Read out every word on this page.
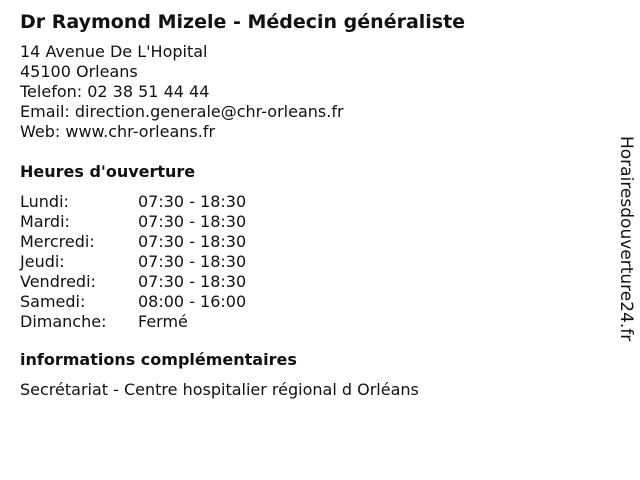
Dr Raymond Mizele - Médecin généraliste
14 Avenue De L'Hopital
45100 Orleans
Telefon: 02 38 51 44 44
Email: direction.generale@chr-orleans.fr
Web: www.chr-orleans.fr
Heures d'ouverture
Lundi:	07:30 - 18:30
Mardi:	07:30 - 18:30
Mercredi:	07:30 - 18:30
Jeudi:	07:30 - 18:30
Vendredi:	07:30 - 18:30
Samedi:	08:00 - 16:00
Dimanche:	Fermé
informations complémentaires
Secrétariat - Centre hospitalier régional d Orléans
Horairesdouverture24.fr
